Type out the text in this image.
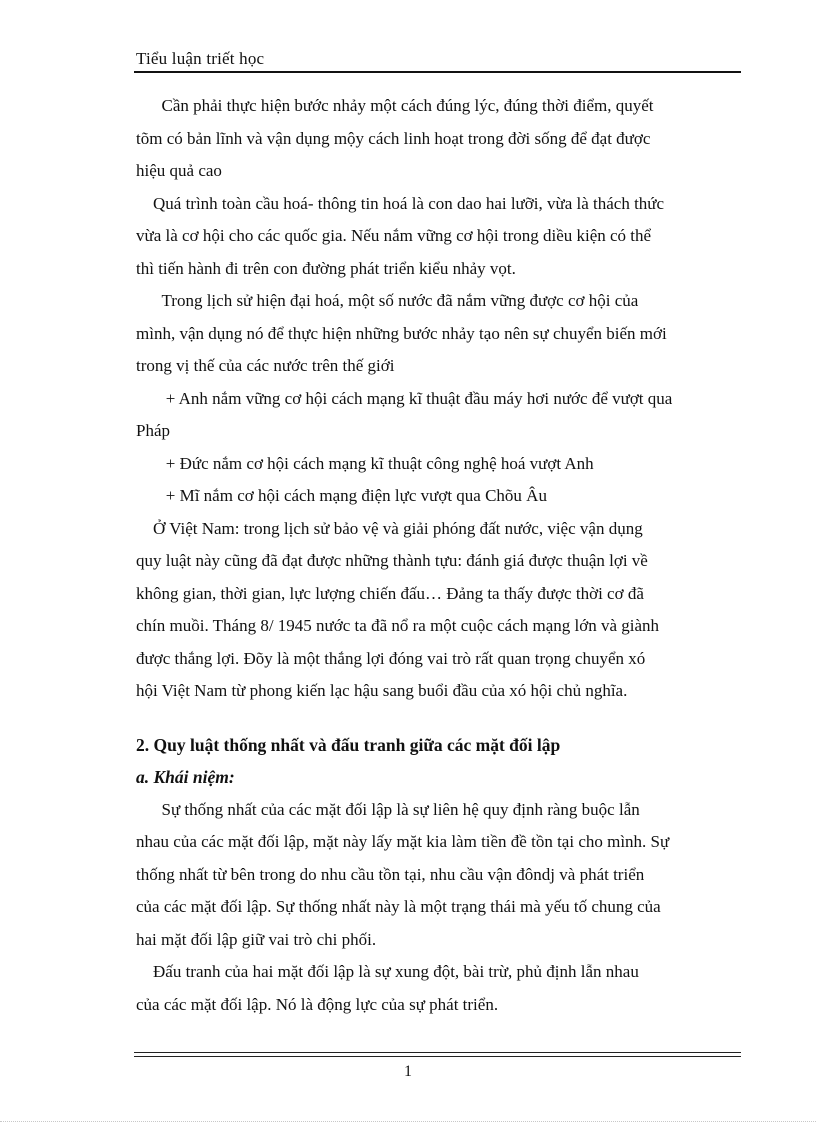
Tiểu luận triết học
Cần phải thực hiện bước nhảy một cách đúng lýc, đúng thời điểm, quyết
tõm có bản lĩnh và vận dụng mộy cách linh hoạt trong đời sống để đạt được
hiệu quả cao
Quá trình toàn cầu hoá- thông tin hoá là con dao hai lưỡi, vừa là thách thức
vừa là cơ hội cho các quốc gia. Nếu nắm vững cơ hội trong diều kiện có thể
thì tiến hành đi trên con đường phát triển kiểu nhảy vọt.
Trong lịch sử hiện đại hoá, một số nước đã nắm vững được cơ hội của
mình, vận dụng nó để thực hiện những bước nhảy tạo nên sự chuyển biến mới
trong vị thế của các nước trên thế giới
+ Anh nắm vững cơ hội cách mạng kĩ thuật đầu máy hơi nước để vượt qua
Pháp
+ Đức nắm cơ hội cách mạng kĩ thuật công nghệ hoá vượt Anh
+ Mĩ nắm cơ hội cách mạng điện lực vượt qua Chõu Âu
Ở Việt Nam: trong lịch sử bảo vệ và giải phóng đất nước, việc vận dụng
quy luật này cũng đã đạt được những thành tựu: đánh giá được thuận lợi về
không gian, thời gian, lực lượng chiến đấu… Đảng ta thấy được thời cơ đã
chín muồi. Tháng 8/ 1945 nước ta đã nổ ra một cuộc cách mạng lớn và giành
được thắng lợi. Đõy là một thắng lợi đóng vai trò rất quan trọng chuyển xó
hội Việt Nam từ phong kiến lạc hậu sang buổi đầu của xó hội chủ nghĩa.
2. Quy luật thống nhất và đấu tranh giữa các mặt đối lập
a. Khái niệm:
Sự thống nhất của các mặt đối lập là sự liên hệ quy định ràng buộc lẫn
nhau của các mặt đối lập, mặt này lấy mặt kia làm tiền đề tồn tại cho mình. Sự
thống nhất từ bên trong do nhu cầu tồn tại, nhu cầu vận đôndj và phát triển
của các mặt đối lập. Sự thống nhất này là một trạng thái mà yếu tố chung của
hai mặt đối lập giữ vai trò chi phối.
Đấu tranh của hai mặt đối lập là sự xung đột, bài trừ, phủ định lẫn nhau
của các mặt đối lập. Nó là động lực của sự phát triển.
1
